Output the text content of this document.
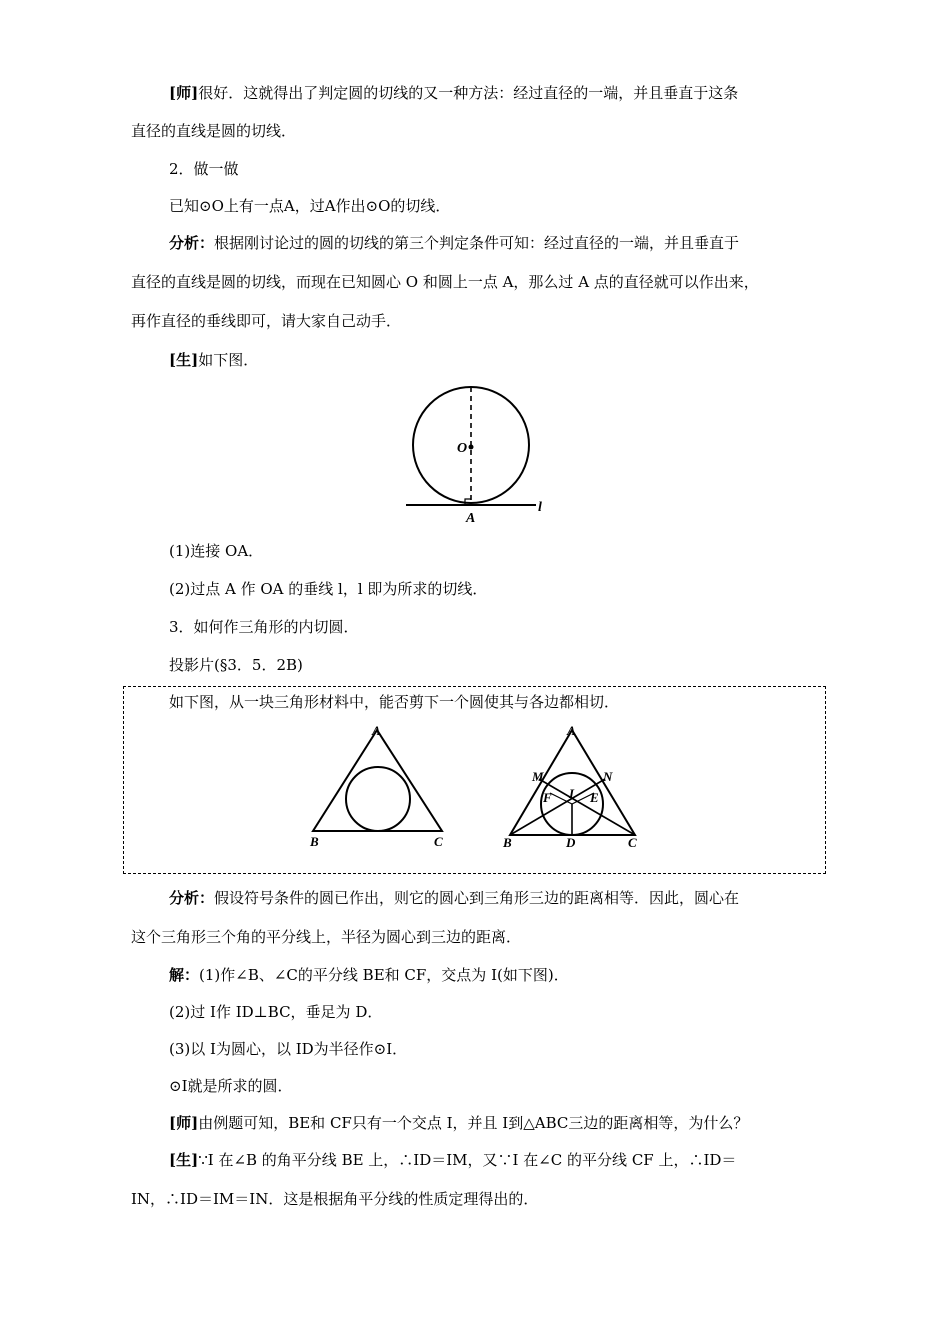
[师]很好．这就得出了判定圆的切线的又一种方法：经过直径的一端，并且垂直于这条
直径的直线是圆的切线．
2．做一做
已知⊙O上有一点A，过A作出⊙O的切线．
分析：根据刚讨论过的圆的切线的第三个判定条件可知：经过直径的一端，并且垂直于
直径的直线是圆的切线，而现在已知圆心 O 和圆上一点 A，那么过 A 点的直径就可以作出来，
再作直径的垂线即可，请大家自己动手．
[生]如下图．
O
A
l
(1)连接 OA．
(2)过点 A 作 OA 的垂线 l，l 即为所求的切线．
3．如何作三角形的内切圆．
投影片(§3．5．2B)
如下图，从一块三角形材料中，能否剪下一个圆使其与各边都相切．
A
B	C
A
M	N
F I E
B	D	C
分析：假设符号条件的圆已作出，则它的圆心到三角形三边的距离相等．因此，圆心在
这个三角形三个角的平分线上，半径为圆心到三边的距离．
解：(1)作∠B、∠C的平分线 BE和 CF，交点为 I(如下图)．
(2)过 I作 ID⊥BC，垂足为 D．
(3)以 I为圆心，以 ID为半径作⊙I．
⊙I就是所求的圆．
[师]由例题可知，BE和 CF只有一个交点 I，并且 I到△ABC三边的距离相等，为什么？
[生]∵I 在∠B 的角平分线 BE 上，∴ID＝IM，又∵I 在∠C 的平分线 CF 上，∴ID＝
IN，∴ID＝IM＝IN．这是根据角平分线的性质定理得出的．
